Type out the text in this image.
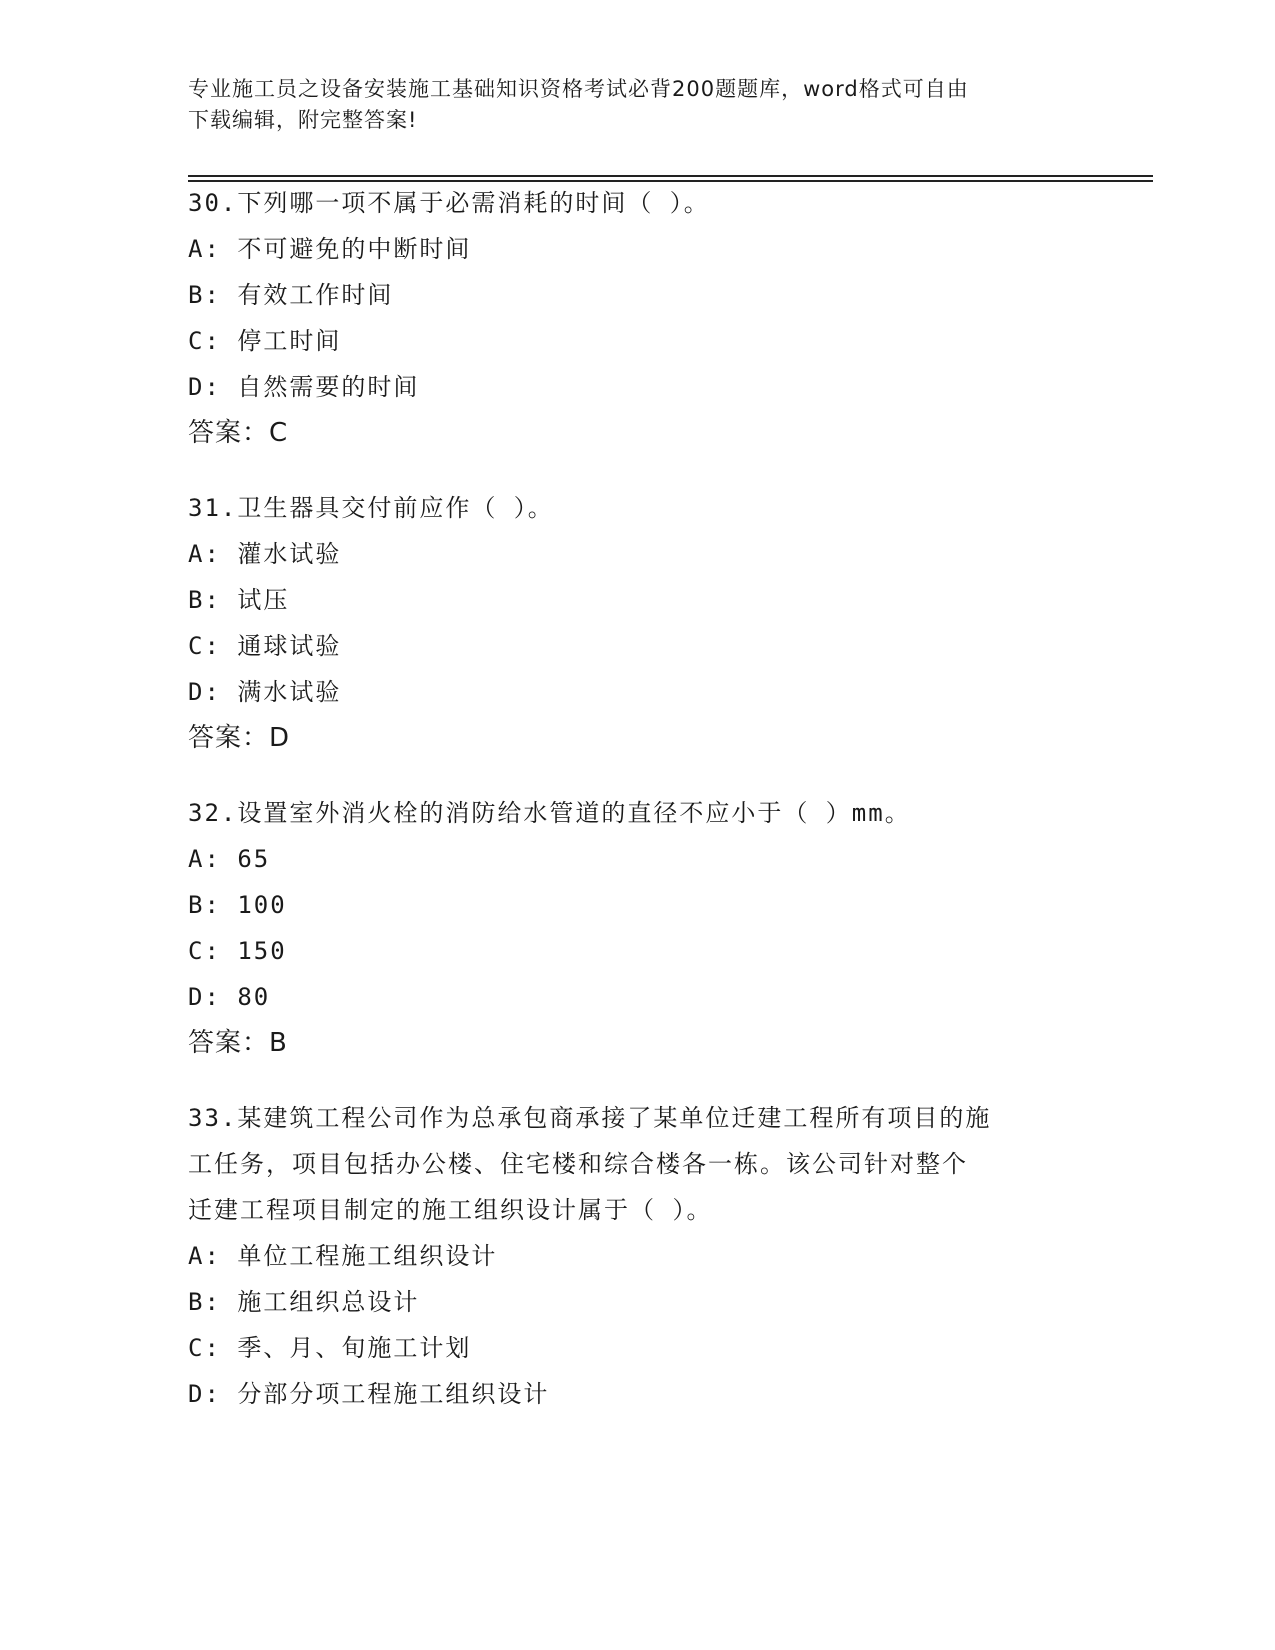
专业施工员之设备安装施工基础知识资格考试必背200题题库，word格式可自由
下载编辑，附完整答案!
30.下列哪一项不属于必需消耗的时间（ ）。
A: 不可避免的中断时间
B: 有效工作时间
C: 停工时间
D: 自然需要的时间
答案：C
31.卫生器具交付前应作（ ）。
A: 灌水试验
B: 试压
C: 通球试验
D: 满水试验
答案：D
32.设置室外消火栓的消防给水管道的直径不应小于（ ）mm。
A: 65
B: 100
C: 150
D: 80
答案：B
33.某建筑工程公司作为总承包商承接了某单位迁建工程所有项目的施
工任务，项目包括办公楼、住宅楼和综合楼各一栋。该公司针对整个
迁建工程项目制定的施工组织设计属于（ ）。
A: 单位工程施工组织设计
B: 施工组织总设计
C: 季、月、旬施工计划
D: 分部分项工程施工组织设计
